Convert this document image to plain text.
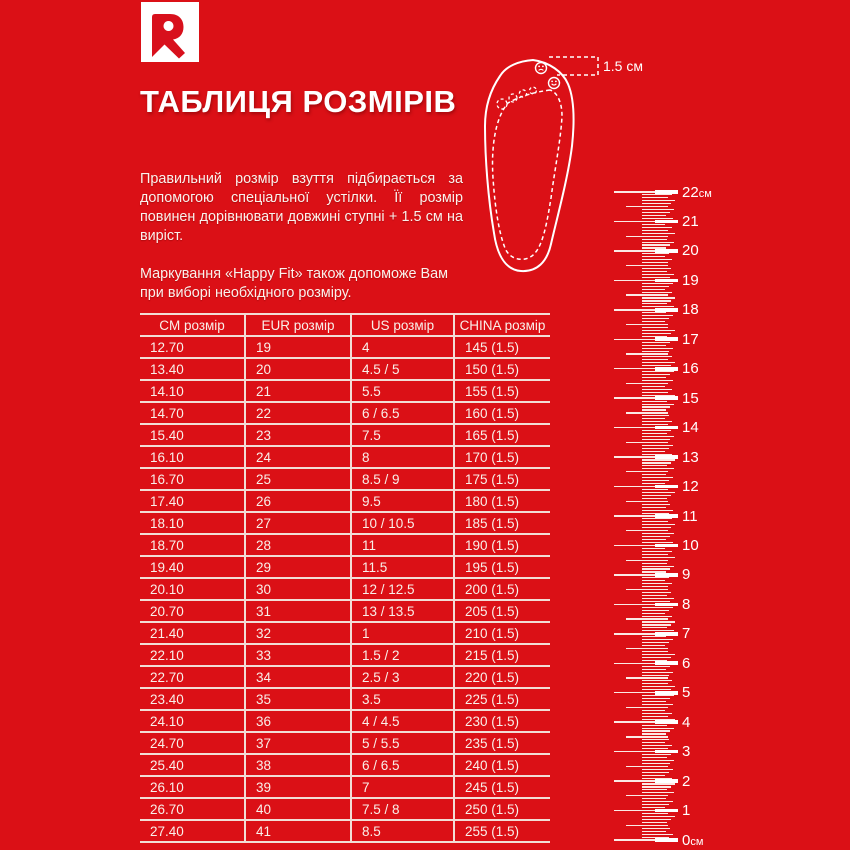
ТАБЛИЦЯ РОЗМІРІВ

Правильний розмір взуття підбирається за допомогою спеціальної устілки. Її розмір повинен дорівнювати довжині ступні + 1.5 см на виріст.

Маркування «Happy Fit» також допоможе Вам при виборі необхідного розміру.

1.5 см
22см
21
20
19
18
17
16
15
14
13
12
11
10
9
8
7
6
5
4
3
2
1
0см
CM розмір	EUR розмір	US розмір	CHINA розмір
12.70	19	4	145 (1.5)
13.40	20	4.5 / 5	150 (1.5)
14.10	21	5.5	155 (1.5)
14.70	22	6 / 6.5	160 (1.5)
15.40	23	7.5	165 (1.5)
16.10	24	8	170 (1.5)
16.70	25	8.5 / 9	175 (1.5)
17.40	26	9.5	180 (1.5)
18.10	27	10 / 10.5	185 (1.5)
18.70	28	11	190 (1.5)
19.40	29	11.5	195 (1.5)
20.10	30	12 / 12.5	200 (1.5)
20.70	31	13 / 13.5	205 (1.5)
21.40	32	1	210 (1.5)
22.10	33	1.5 / 2	215 (1.5)
22.70	34	2.5 / 3	220 (1.5)
23.40	35	3.5	225 (1.5)
24.10	36	4 / 4.5	230 (1.5)
24.70	37	5 / 5.5	235 (1.5)
25.40	38	6 / 6.5	240 (1.5)
26.10	39	7	245 (1.5)
26.70	40	7.5 / 8	250 (1.5)
27.40	41	8.5	255 (1.5)
